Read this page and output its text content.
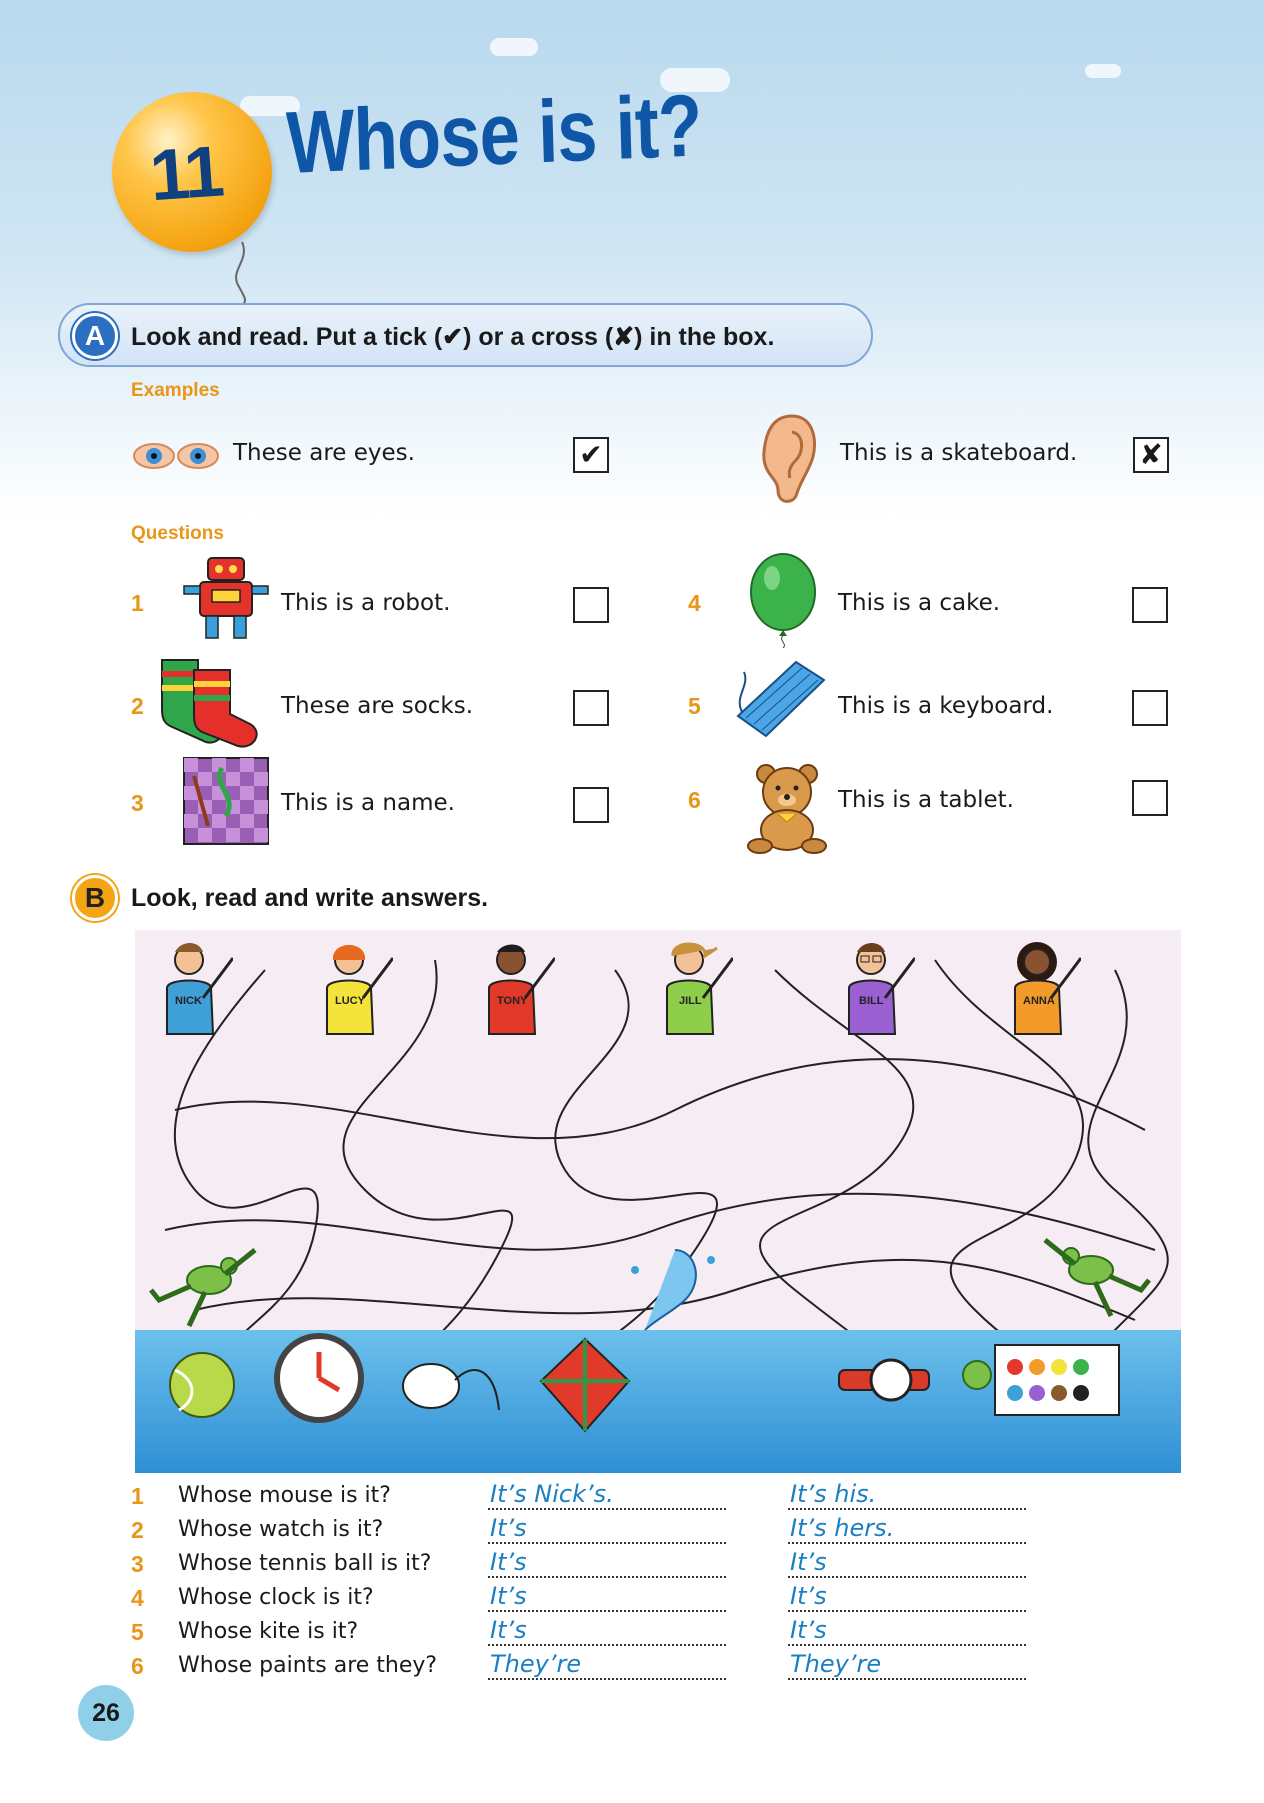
11 Whose is it?
A	Look and read. Put a tick (✔) or a cross (✘) in the box.
Examples
These are eyes.	✔	This is a skateboard. ✘
Questions
1	This is a robot.
2	These are socks.
3	This is a name.
4	This is a cake.
5	This is a keyboard.
6	This is a tablet.
B	Look, read and write answers.
NICK	LUCY	TONY	JILL	BILL	ANNA
1 Whose mouse is it?	It’s Nick’s.	It’s his.
2 Whose watch is it?	It’s	It’s hers.
3 Whose tennis ball is it? It’s	It’s
4 Whose clock is it?	It’s	It’s
5 Whose kite is it?	It’s	It’s
6 Whose paints are they? They’re	They’re
26
